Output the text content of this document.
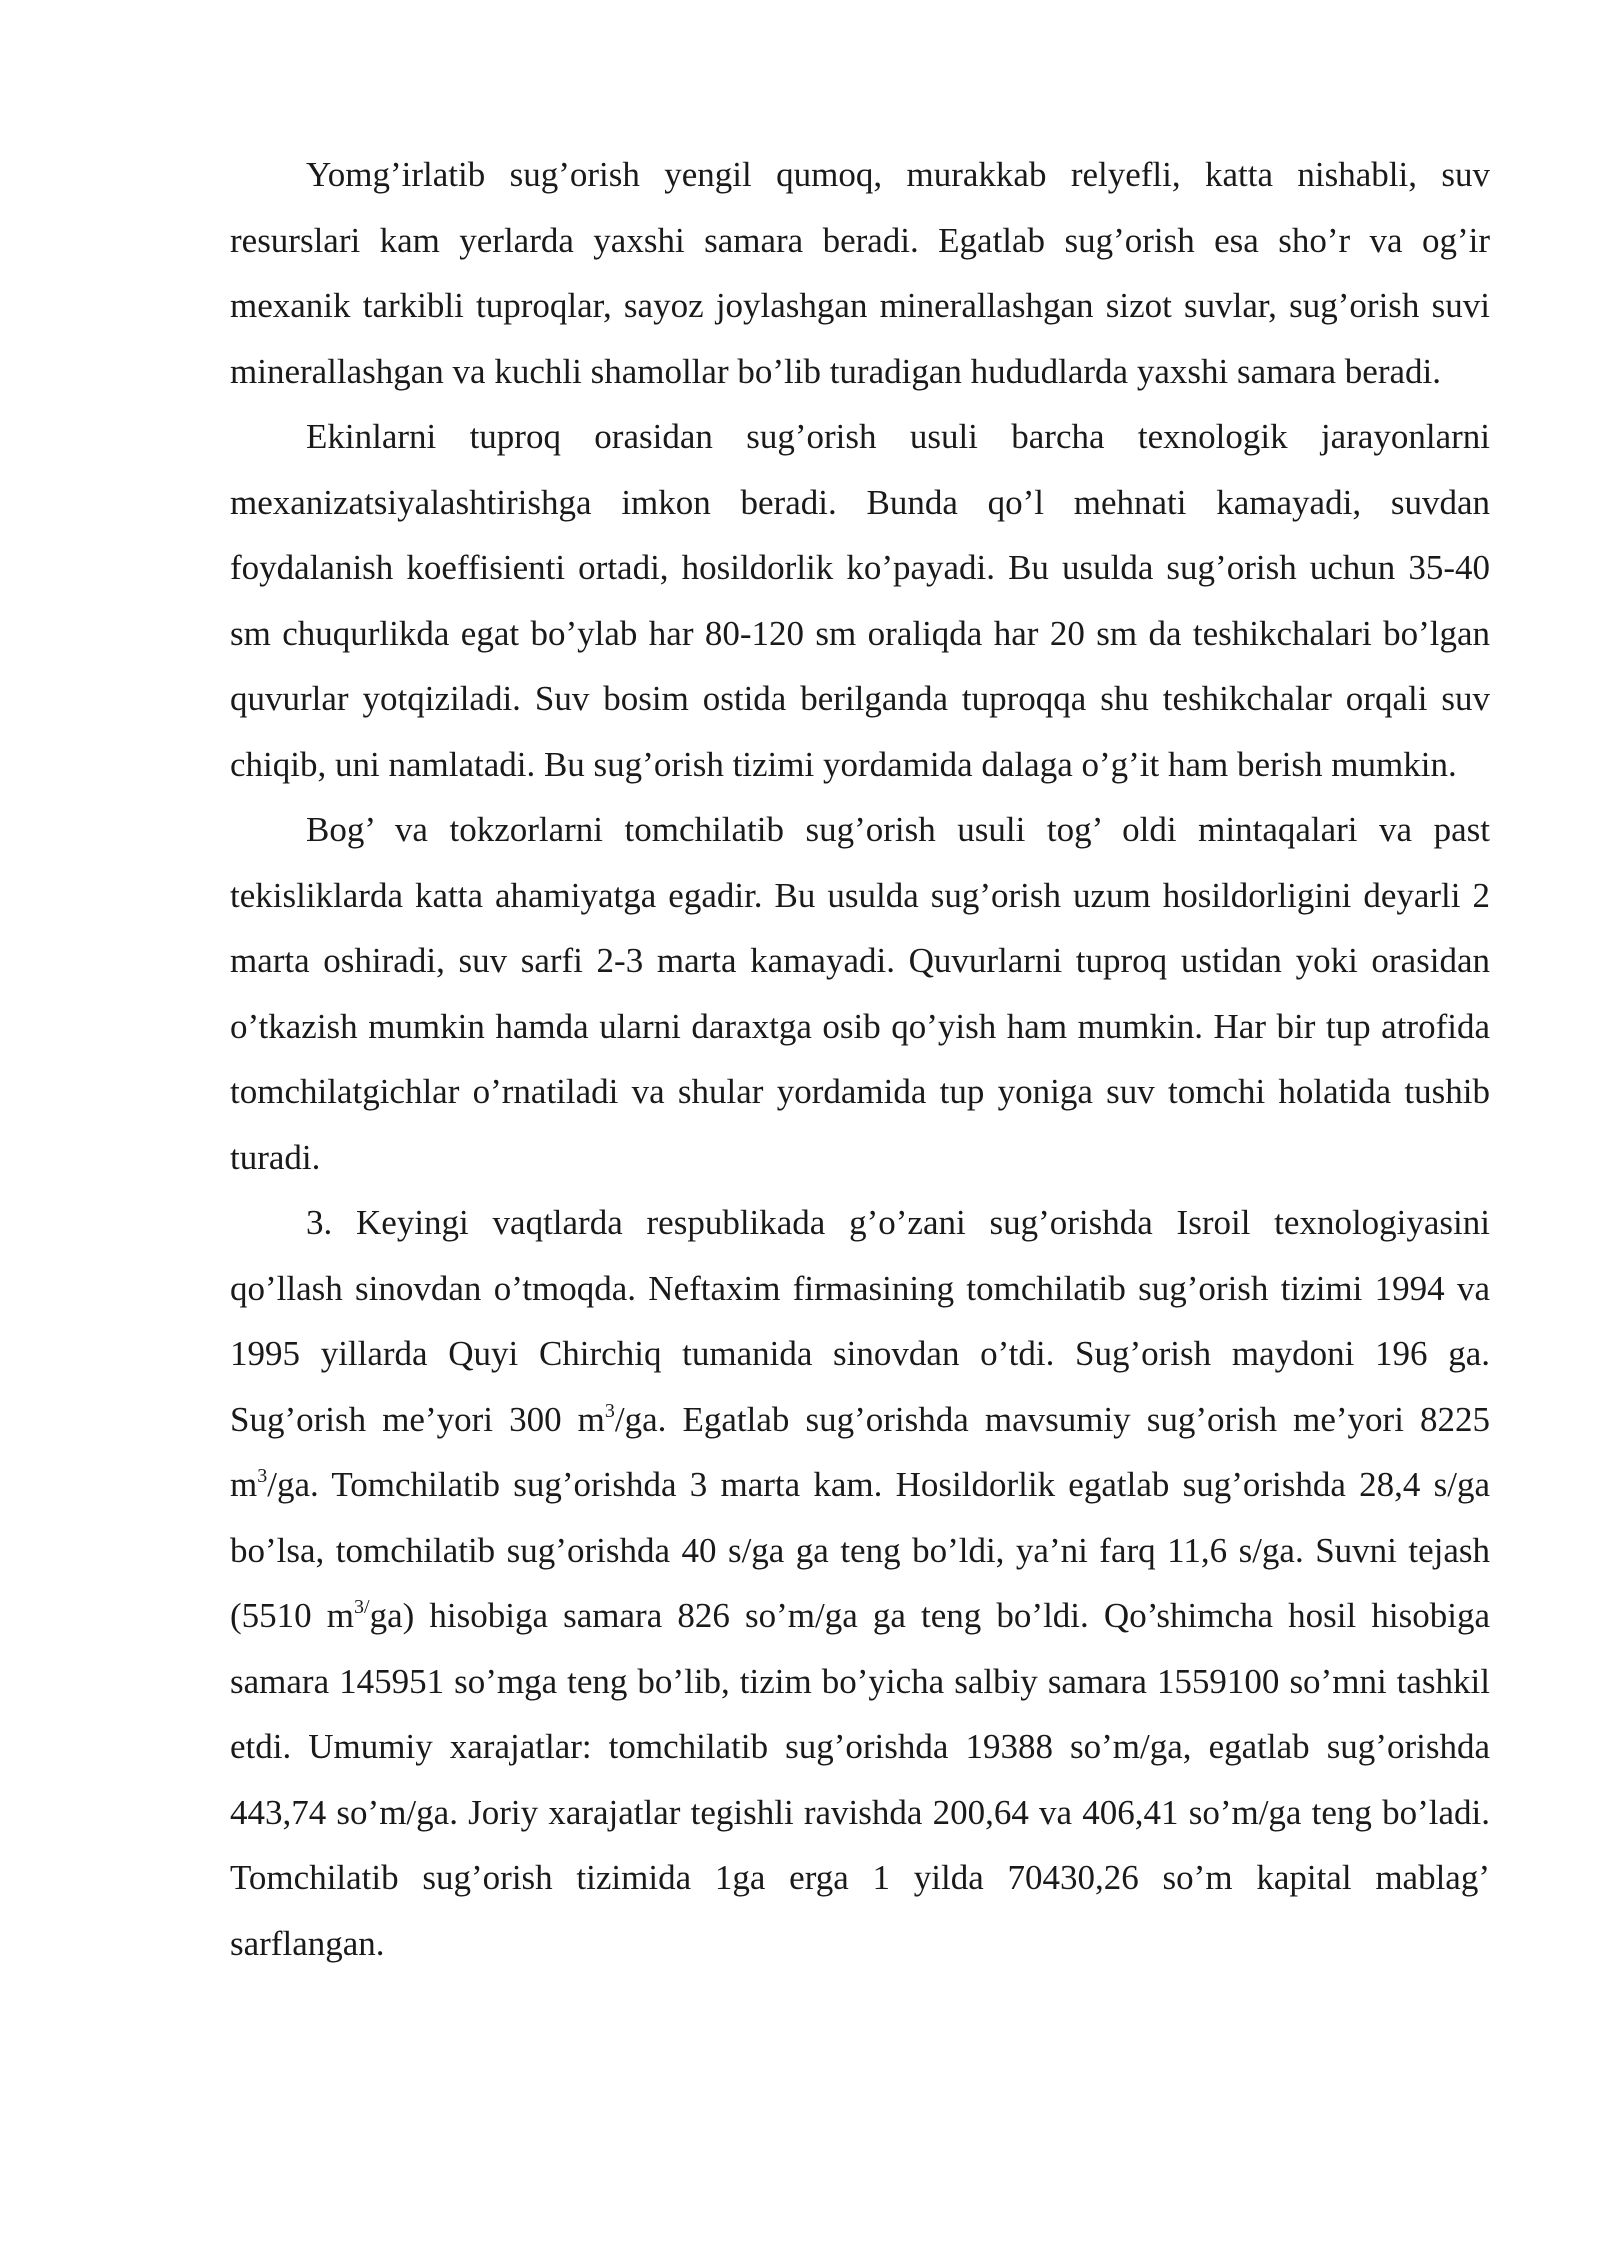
Yomg’irlatib sug’orish yengil qumoq, murakkab relyefli, katta nishabli, suv resurslari kam yerlarda yaxshi samara beradi. Egatlab sug’orish esa sho’r va og’ir mexanik tarkibli tuproqlar, sayoz joylashgan minerallashgan sizot suvlar, sug’orish suvi minerallashgan va kuchli shamollar bo’lib turadigan hududlarda yaxshi samara beradi.

Ekinlarni tuproq orasidan sug’orish usuli barcha texnologik jarayonlarni mexanizatsiyalashtirishga imkon beradi. Bunda qo’l mehnati kamayadi, suvdan foydalanish koeffisienti ortadi, hosildorlik ko’payadi. Bu usulda sug’orish uchun 35-40 sm chuqurlikda egat bo’ylab har 80-120 sm oraliqda har 20 sm da teshikchalari bo’lgan quvurlar yotqiziladi. Suv bosim ostida berilganda tuproqqa shu teshikchalar orqali suv chiqib, uni namlatadi. Bu sug’orish tizimi yordamida dalaga o’g’it ham berish mumkin.

Bog’ va tokzorlarni tomchilatib sug’orish usuli tog’ oldi mintaqalari va past tekisliklarda katta ahamiyatga egadir. Bu usulda sug’orish uzum hosildorligini deyarli 2 marta oshiradi, suv sarfi 2-3 marta kamayadi. Quvurlarni tuproq ustidan yoki orasidan o’tkazish mumkin hamda ularni daraxtga osib qo’yish ham mumkin. Har bir tup atrofida tomchilatgichlar o’rnatiladi va shular yordamida tup yoniga suv tomchi holatida tushib turadi.

3. Keyingi vaqtlarda respublikada g’o’zani sug’orishda Isroil texnologiyasini qo’llash sinovdan o’tmoqda. Neftaxim firmasining tomchilatib sug’orish tizimi 1994 va 1995 yillarda Quyi Chirchiq tumanida sinovdan o’tdi. Sug’orish maydoni 196 ga. Sug’orish me’yori 300 $m^3/ga$. Egatlab sug’orishda mavsumiy sug’orish me’yori 8225 $m^3/ga$. Tomchilatib sug’orishda 3 marta kam. Hosildorlik egatlab sug’orishda 28,4 s/ga bo’lsa, tomchilatib sug’orishda 40 s/ga ga teng bo’ldi, ya’ni farq 11,6 s/ga. Suvni tejash (5510 $m^{3/}ga$) hisobiga samara 826 so’m/ga ga teng bo’ldi. Qo’shimcha hosil hisobiga samara 145951 so’mga teng bo’lib, tizim bo’yicha salbiy samara 1559100 so’mni tashkil etdi. Umumiy xarajatlar: tomchilatib sug’orishda 19388 so’m/ga, egatlab sug’orishda 443,74 so’m/ga. Joriy xarajatlar tegishli ravishda 200,64 va 406,41 so’m/ga teng bo’ladi. Tomchilatib sug’orish tizimida 1ga erga 1 yilda 70430,26 so’m kapital mablag’ sarflangan.
